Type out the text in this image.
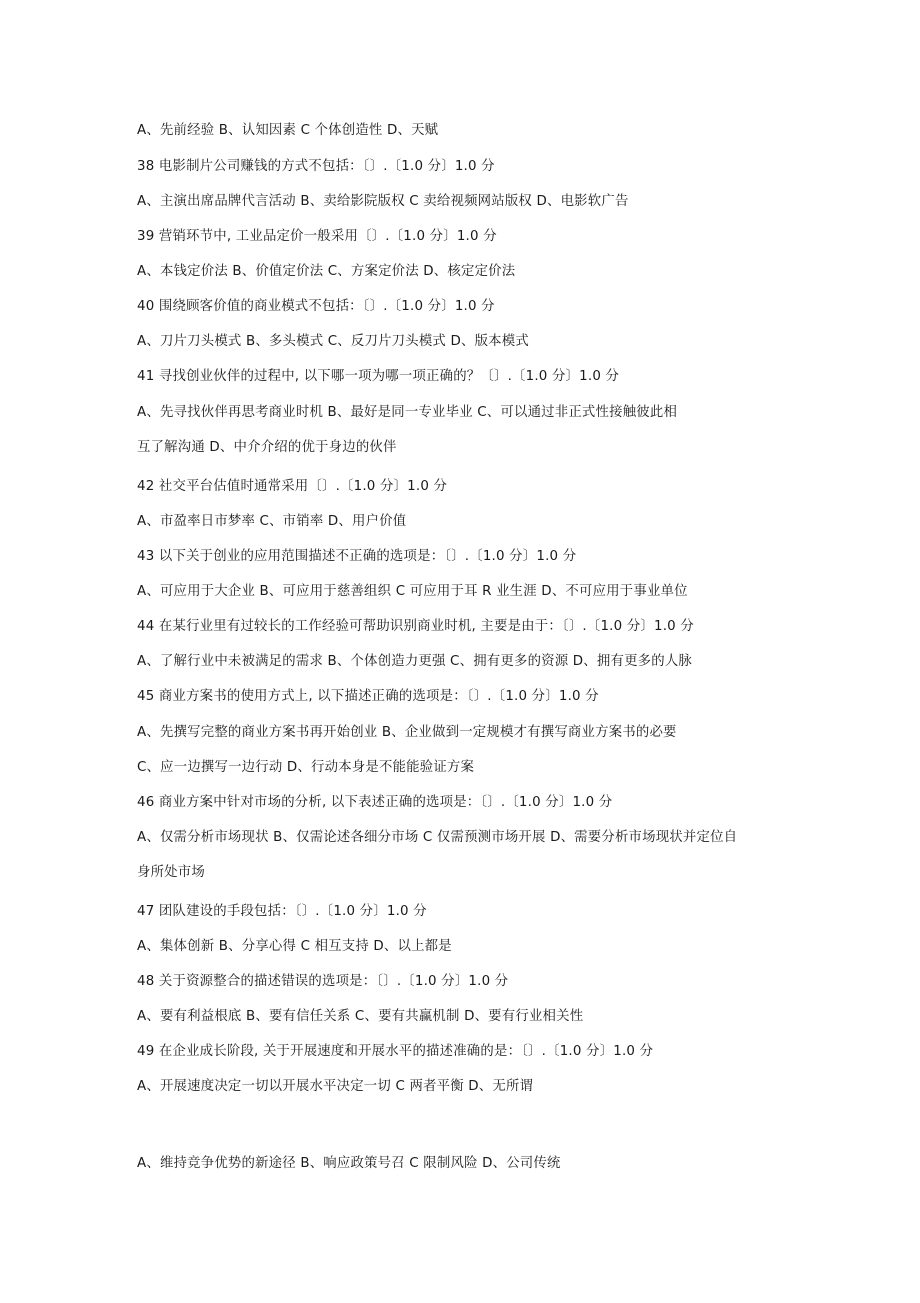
A、先前经验 B、认知因素 C 个体创造性 D、天赋
38 电影制片公司赚钱的方式不包括：〔〕.〔1.0 分〕1.0 分
A、主演出席品牌代言活动 B、卖给影院版权 C 卖给视频网站版权 D、电影软广告
39 营销环节中, 工业品定价一般采用〔〕.〔1.0 分〕1.0 分
A、本钱定价法 B、价值定价法 C、方案定价法 D、核定定价法
40 围绕顾客价值的商业模式不包括：〔〕.〔1.0 分〕1.0 分
A、刀片刀头模式 B、多头模式 C、反刀片刀头模式 D、版本模式
41 寻找创业伙伴的过程中, 以下哪一项为哪一项正确的？〔〕.〔1.0 分〕1.0 分
A、先寻找伙伴再思考商业时机 B、最好是同一专业毕业 C、可以通过非正式性接触彼此相
互了解沟通 D、中介介绍的优于身边的伙伴
42 社交平台估值时通常采用〔〕.〔1.0 分〕1.0 分
A、市盈率日市梦率 C、市销率 D、用户价值
43 以下关于创业的应用范围描述不正确的选项是：〔〕.〔1.0 分〕1.0 分
A、可应用于大企业 B、可应用于慈善组织 C 可应用于耳 R 业生涯 D、不可应用于事业单位
44 在某行业里有过较长的工作经验可帮助识别商业时机, 主要是由于：〔〕.〔1.0 分〕1.0 分
A、了解行业中未被满足的需求 B、个体创造力更强 C、拥有更多的资源 D、拥有更多的人脉
45 商业方案书的使用方式上, 以下描述正确的选项是：〔〕.〔1.0 分〕1.0 分
A、先撰写完整的商业方案书再开始创业 B、企业做到一定规模才有撰写商业方案书的必要
C、应一边撰写一边行动 D、行动本身是不能能验证方案
46 商业方案中针对市场的分析, 以下表述正确的选项是：〔〕.〔1.0 分〕1.0 分
A、仅需分析市场现状 B、仅需论述各细分市场 C 仅需预测市场开展 D、需要分析市场现状并定位自
身所处市场
47 团队建设的手段包括：〔〕.〔1.0 分〕1.0 分
A、集体创新 B、分享心得 C 相互支持 D、以上都是
48 关于资源整合的描述错误的选项是：〔〕.〔1.0 分〕1.0 分
A、要有利益根底 B、要有信任关系 C、要有共赢机制 D、要有行业相关性
49 在企业成长阶段, 关于开展速度和开展水平的描述准确的是：〔〕.〔1.0 分〕1.0 分
A、开展速度决定一切以开展水平决定一切 C 两者平衡 D、无所谓
A、维持竞争优势的新途径 B、响应政策号召 C 限制风险 D、公司传统
